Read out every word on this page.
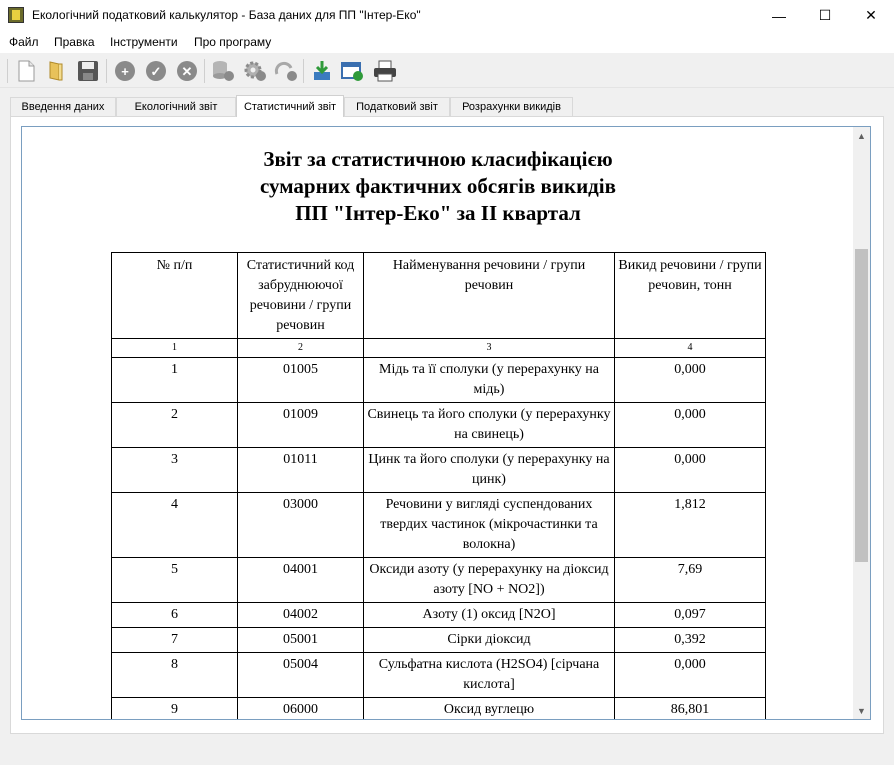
Екологічний податковий калькулятор - База даних для ПП "Інтер-Еко"	—	☐	✕
Файл Правка Інструменти Про програму
+	✓	✕
Введення даних	Екологічний звіт	Статистичний звіт	Податковий звіт	Розрахунки викидів
Звіт за статистичною класифікацією
сумарних фактичних обсягів викидів
ПП "Інтер-Еко" за II квартал
№ п/п	Статистичний код забруднюючої речовини / групи речовин	Найменування речовини / групи речовин	Викид речовини / групи речовин, тонн
1	2	3	4
1	01005	Мідь та її сполуки (у перерахунку на мідь)	0,000
2	01009	Свинець та його сполуки (у перерахунку на свинець)	0,000
3	01011	Цинк та його сполуки (у перерахунку на цинк)	0,000
4	03000	Речовини у вигляді суспендованих твердих частинок (мікрочастинки та волокна)	1,812
5	04001	Оксиди азоту (у перерахунку на діоксид азоту [NO + NO2])	7,69
6	04002	Азоту (1) оксид [N2O]	0,097
7	05001	Сірки діоксид	0,392
8	05004	Сульфатна кислота (H2SO4) [сірчана кислота]	0,000
9	06000	Оксид вуглецю	86,801
▲
▼
